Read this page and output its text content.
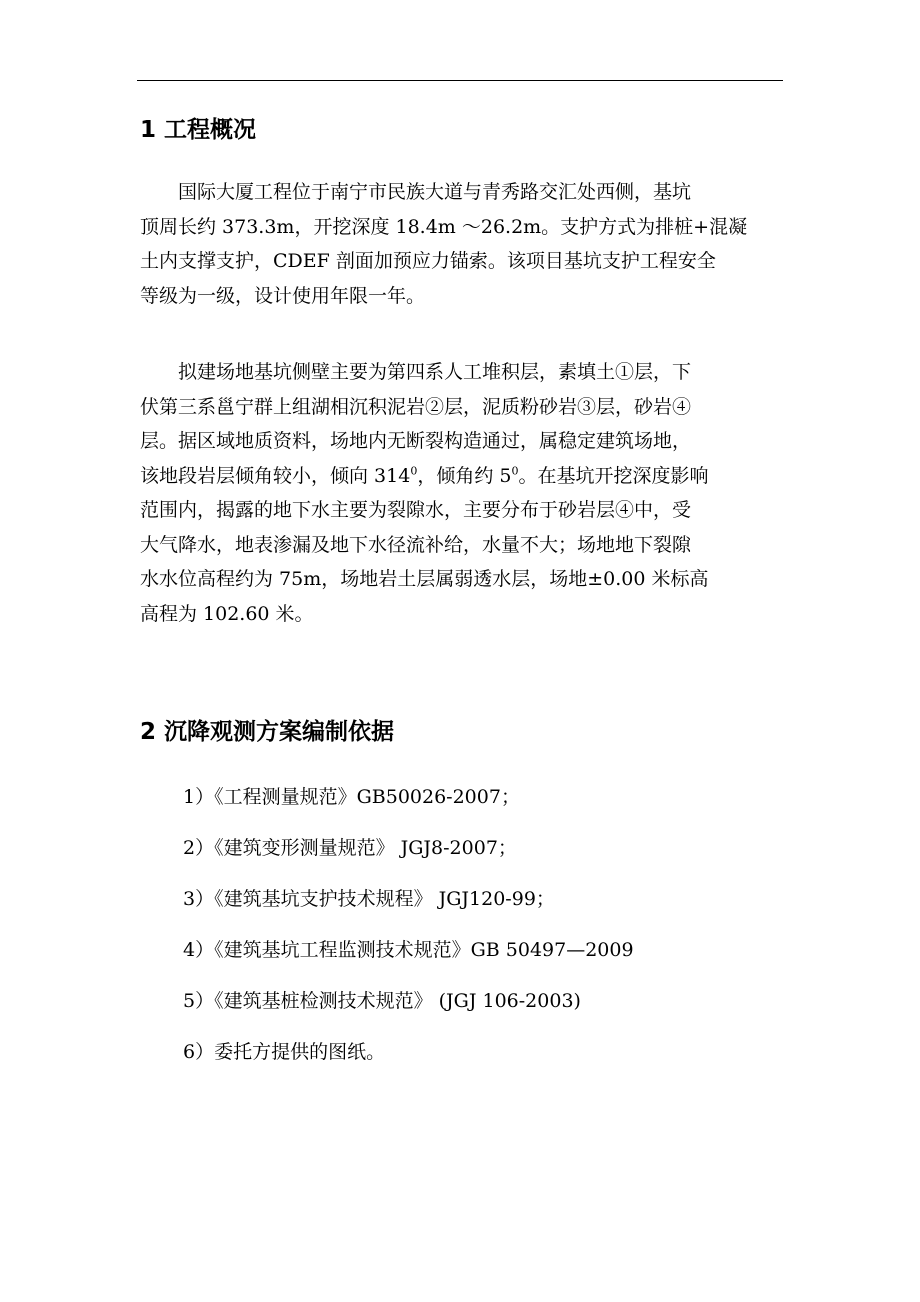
1 工程概况
国际大厦工程位于南宁市民族大道与青秀路交汇处西侧，基坑
顶周长约 373.3m，开挖深度 18.4m ～26.2m。支护方式为排桩+混凝
土内支撑支护，CDEF 剖面加预应力锚索。该项目基坑支护工程安全
等级为一级，设计使用年限一年。
拟建场地基坑侧壁主要为第四系人工堆积层，素填土①层，下
伏第三系邕宁群上组湖相沉积泥岩②层，泥质粉砂岩③层，砂岩④
层。据区域地质资料，场地内无断裂构造通过，属稳定建筑场地，
该地段岩层倾角较小，倾向 $314^0$，倾角约 $5^0$。在基坑开挖深度影响
范围内，揭露的地下水主要为裂隙水，主要分布于砂岩层④中，受
大气降水，地表渗漏及地下水径流补给，水量不大；场地地下裂隙
水水位高程约为 75m，场地岩土层属弱透水层，场地±0.00 米标高
高程为 102.60 米。
2 沉降观测方案编制依据

1）《工程测量规范》GB50026-2007；

2）《建筑变形测量规范》 JGJ8-2007；

3）《建筑基坑支护技术规程》 JGJ120-99；

4）《建筑基坑工程监测技术规范》GB 50497—2009

5）《建筑基桩检测技术规范》 (JGJ 106-2003)

6）委托方提供的图纸。
